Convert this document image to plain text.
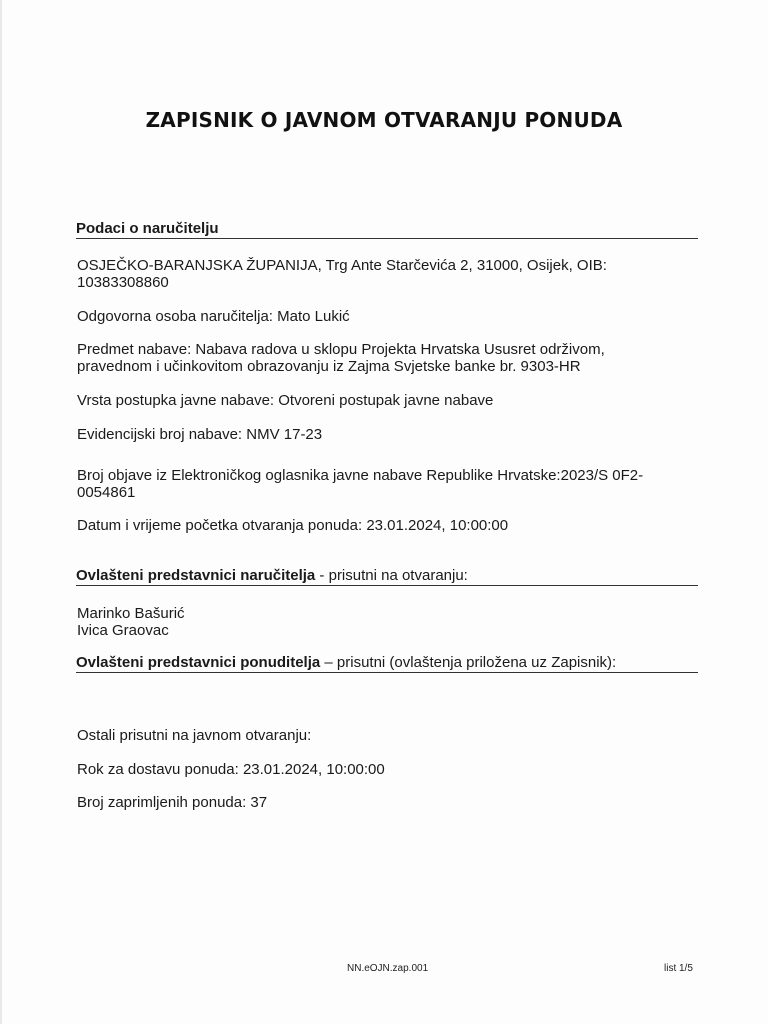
ZAPISNIK O JAVNOM OTVARANJU PONUDA
Podaci o naručitelju
OSJEČKO-BARANJSKA ŽUPANIJA, Trg Ante Starčevića 2, 31000, Osijek, OIB:
10383308860
Odgovorna osoba naručitelja: Mato Lukić
Predmet nabave: Nabava radova u sklopu Projekta Hrvatska Ususret održivom,
pravednom i učinkovitom obrazovanju iz Zajma Svjetske banke br. 9303-HR
Vrsta postupka javne nabave: Otvoreni postupak javne nabave
Evidencijski broj nabave: NMV 17-23
Broj objave iz Elektroničkog oglasnika javne nabave Republike Hrvatske:2023/S 0F2-
0054861
Datum i vrijeme početka otvaranja ponuda: 23.01.2024, 10:00:00
Ovlašteni predstavnici naručitelja - prisutni na otvaranju:
Marinko Bašurić
Ivica Graovac
Ovlašteni predstavnici ponuditelja – prisutni (ovlaštenja priložena uz Zapisnik):
Ostali prisutni na javnom otvaranju:
Rok za dostavu ponuda: 23.01.2024, 10:00:00
Broj zaprimljenih ponuda: 37
NN.eOJN.zap.001	list 1/5
